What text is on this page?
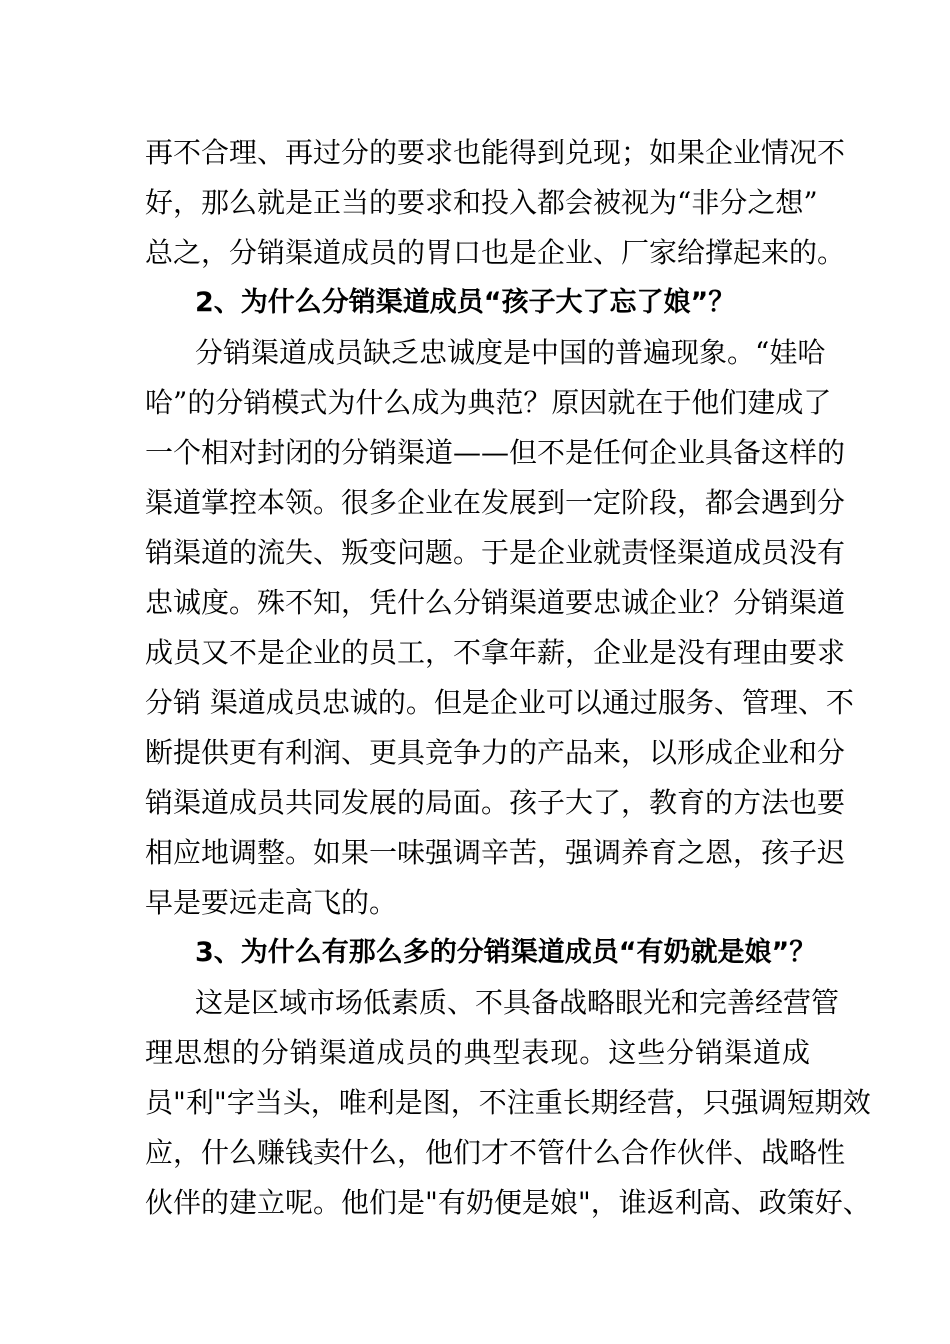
再不合理、再过分的要求也能得到兑现；如果企业情况不
好，那么就是正当的要求和投入都会被视为“非分之想”
总之，分销渠道成员的胃口也是企业、厂家给撑起来的。
2、为什么分销渠道成员“孩子大了忘了娘”？
分销渠道成员缺乏忠诚度是中国的普遍现象。“娃哈
哈”的分销模式为什么成为典范？原因就在于他们建成了
一个相对封闭的分销渠道——但不是任何企业具备这样的
渠道掌控本领。很多企业在发展到一定阶段，都会遇到分
销渠道的流失、叛变问题。于是企业就责怪渠道成员没有
忠诚度。殊不知，凭什么分销渠道要忠诚企业？分销渠道
成员又不是企业的员工，不拿年薪，企业是没有理由要求
分销 渠道成员忠诚的。但是企业可以通过服务、管理、不
断提供更有利润、更具竞争力的产品来，以形成企业和分
销渠道成员共同发展的局面。孩子大了，教育的方法也要
相应地调整。如果一味强调辛苦，强调养育之恩，孩子迟
早是要远走高飞的。
3、为什么有那么多的分销渠道成员“有奶就是娘”？
这是区域市场低素质、不具备战略眼光和完善经营管
理思想的分销渠道成员的典型表现。这些分销渠道成
员"利"字当头，唯利是图，不注重长期经营，只强调短期效
应，什么赚钱卖什么，他们才不管什么合作伙伴、战略性
伙伴的建立呢。他们是"有奶便是娘"，谁返利高、政策好、
